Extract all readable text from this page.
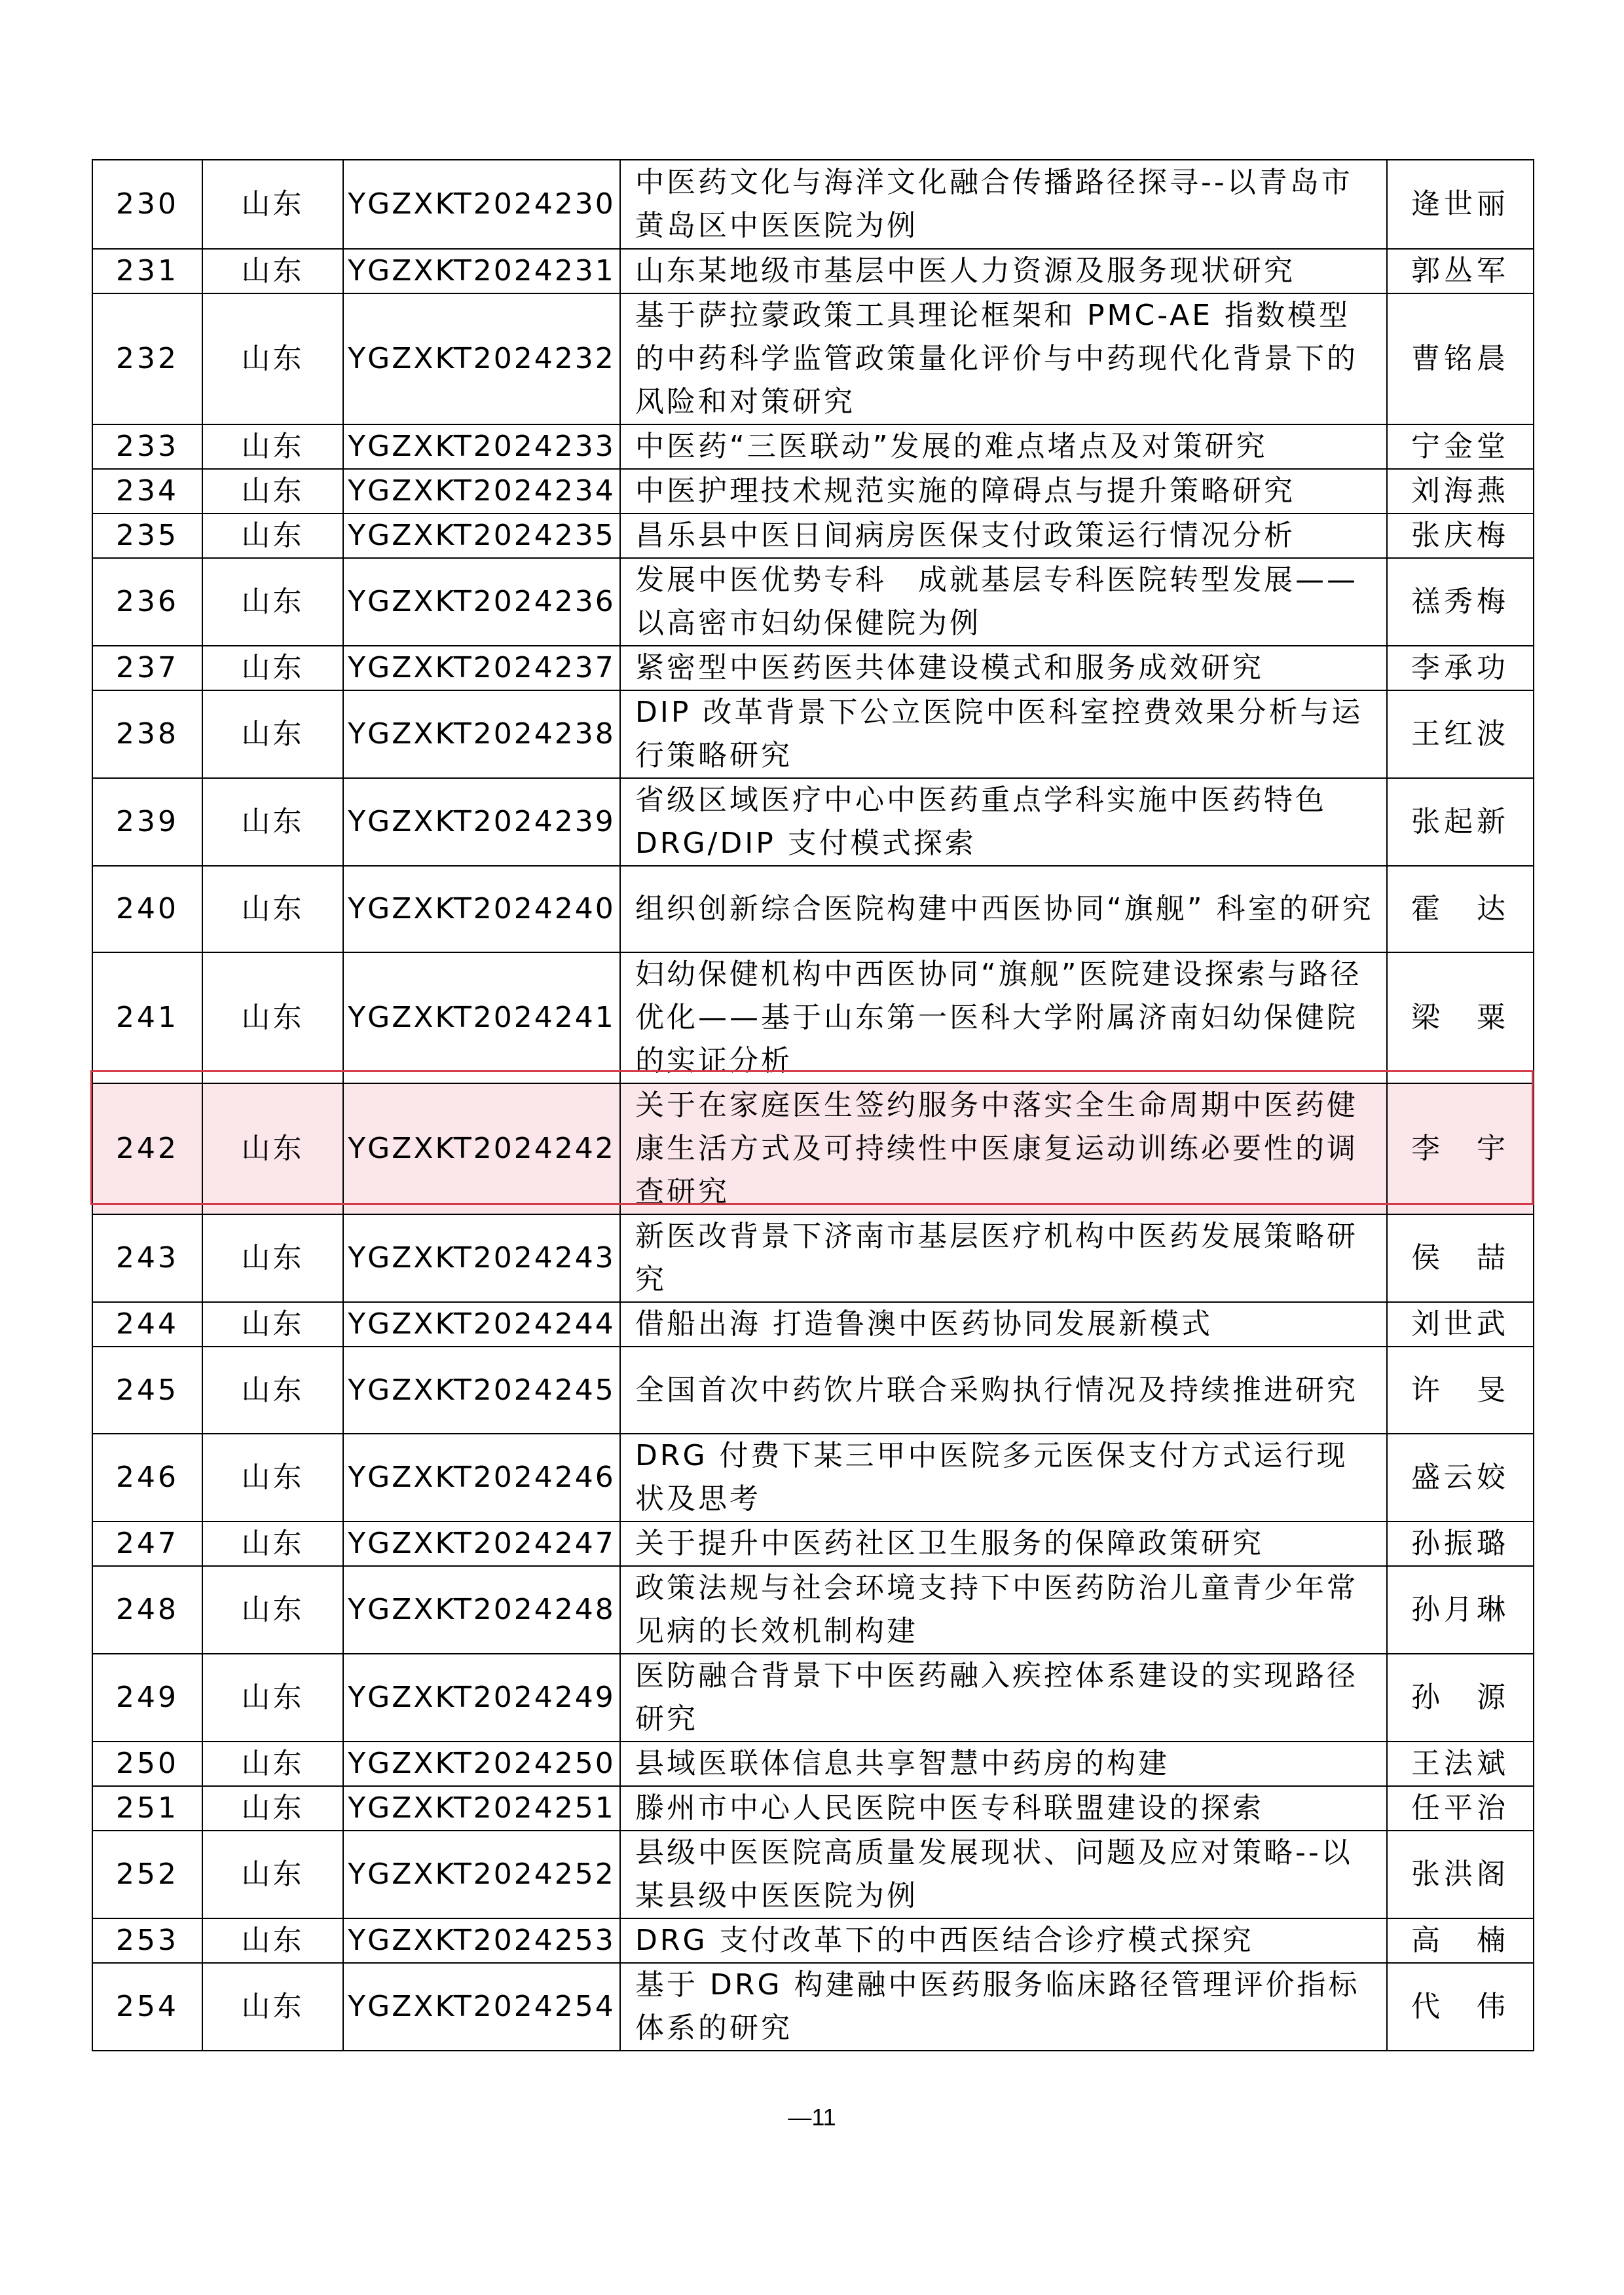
230	山东	YGZXKT2024230	中医药文化与海洋文化融合传播路径探寻--以青岛市黄岛区中医医院为例	逄世丽
231	山东	YGZXKT2024231	山东某地级市基层中医人力资源及服务现状研究	郭丛军
232	山东	YGZXKT2024232	基于萨拉蒙政策工具理论框架和 PMC-AE 指数模型的中药科学监管政策量化评价与中药现代化背景下的风险和对策研究	曹铭晨
233	山东	YGZXKT2024233	中医药“三医联动”发展的难点堵点及对策研究	宁金堂
234	山东	YGZXKT2024234	中医护理技术规范实施的障碍点与提升策略研究	刘海燕
235	山东	YGZXKT2024235	昌乐县中医日间病房医保支付政策运行情况分析	张庆梅
236	山东	YGZXKT2024236	发展中医优势专科　成就基层专科医院转型发展——以高密市妇幼保健院为例	禚秀梅
237	山东	YGZXKT2024237	紧密型中医药医共体建设模式和服务成效研究	李承功
238	山东	YGZXKT2024238	DIP 改革背景下公立医院中医科室控费效果分析与运行策略研究	王红波
239	山东	YGZXKT2024239	省级区域医疗中心中医药重点学科实施中医药特色DRG/DIP 支付模式探索	张起新
240	山东	YGZXKT2024240	组织创新综合医院构建中西医协同“旗舰” 科室的研究	霍　达
241	山东	YGZXKT2024241	妇幼保健机构中西医协同“旗舰”医院建设探索与路径优化——基于山东第一医科大学附属济南妇幼保健院的实证分析	梁　粟
242	山东	YGZXKT2024242	关于在家庭医生签约服务中落实全生命周期中医药健康生活方式及可持续性中医康复运动训练必要性的调查研究	李　宇
243	山东	YGZXKT2024243	新医改背景下济南市基层医疗机构中医药发展策略研究	侯　喆
244	山东	YGZXKT2024244	借船出海 打造鲁澳中医药协同发展新模式	刘世武
245	山东	YGZXKT2024245	全国首次中药饮片联合采购执行情况及持续推进研究	许　旻
246	山东	YGZXKT2024246	DRG 付费下某三甲中医院多元医保支付方式运行现状及思考	盛云姣
247	山东	YGZXKT2024247	关于提升中医药社区卫生服务的保障政策研究	孙振璐
248	山东	YGZXKT2024248	政策法规与社会环境支持下中医药防治儿童青少年常见病的长效机制构建	孙月琳
249	山东	YGZXKT2024249	医防融合背景下中医药融入疾控体系建设的实现路径研究	孙　源
250	山东	YGZXKT2024250	县域医联体信息共享智慧中药房的构建	王法斌
251	山东	YGZXKT2024251	滕州市中心人民医院中医专科联盟建设的探索	任平治
252	山东	YGZXKT2024252	县级中医医院高质量发展现状、问题及应对策略--以某县级中医医院为例	张洪阁
253	山东	YGZXKT2024253	DRG 支付改革下的中西医结合诊疗模式探究	高　楠
254	山东	YGZXKT2024254	基于 DRG 构建融中医药服务临床路径管理评价指标体系的研究	代　伟
—11
